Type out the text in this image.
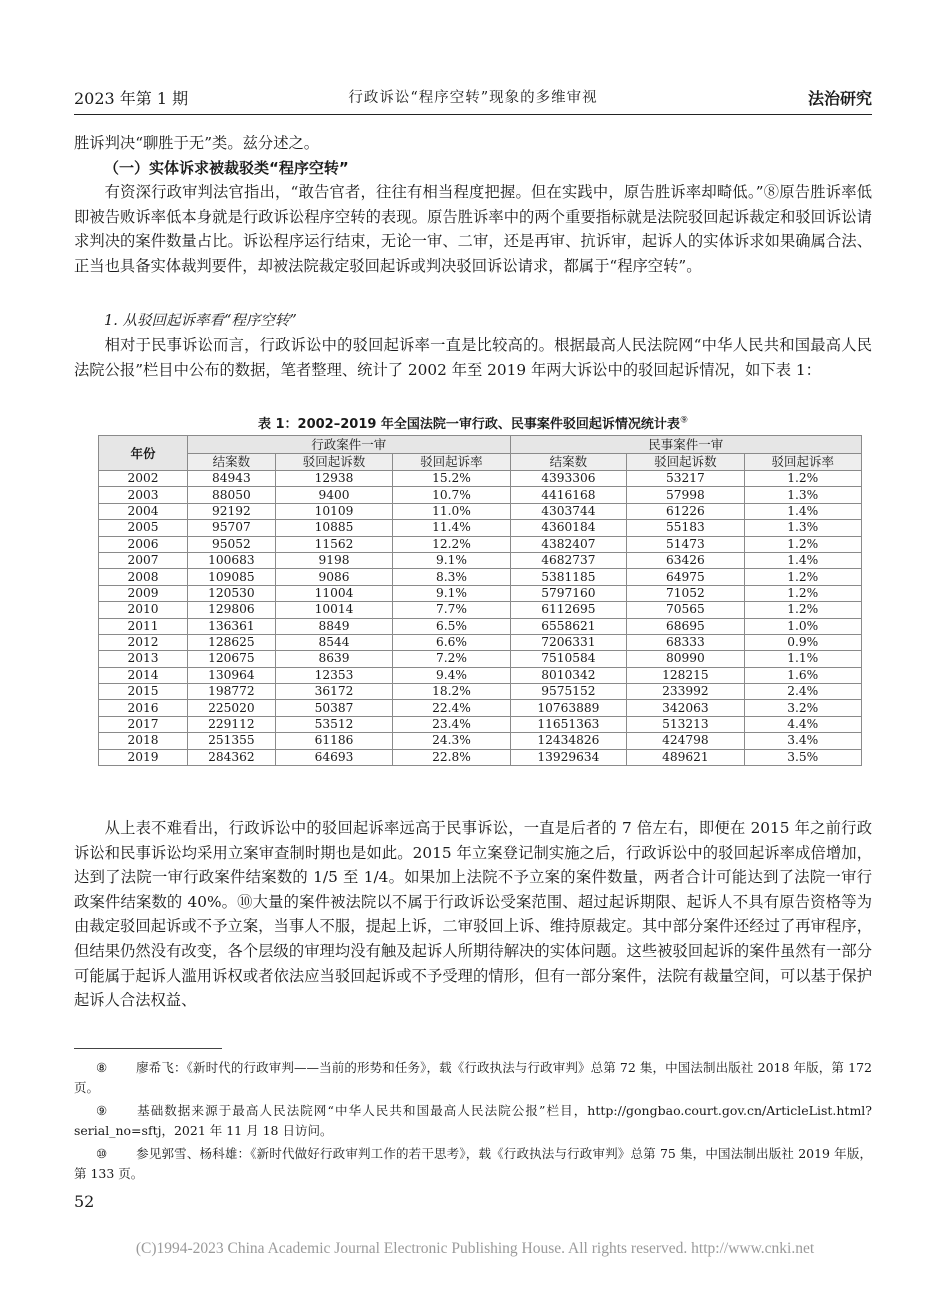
2023 年第 1 期	行政诉讼“程序空转”现象的多维审视	法治研究

胜诉判决“聊胜于无”类。兹分述之。

（一）实体诉求被裁驳类“程序空转”

有资深行政审判法官指出，“敢告官者，往往有相当程度把握。但在实践中，原告胜诉率却畸低。”⑧原告胜诉率低即被告败诉率低本身就是行政诉讼程序空转的表现。原告胜诉率中的两个重要指标就是法院驳回起诉裁定和驳回诉讼请求判决的案件数量占比。诉讼程序运行结束，无论一审、二审，还是再审、抗诉审，起诉人的实体诉求如果确属合法、正当也具备实体裁判要件，却被法院裁定驳回起诉或判决驳回诉讼请求，都属于“程序空转”。

1. 从驳回起诉率看“程序空转”

相对于民事诉讼而言，行政诉讼中的驳回起诉率一直是比较高的。根据最高人民法院网“中华人民共和国最高人民法院公报”栏目中公布的数据，笔者整理、统计了 2002 年至 2019 年两大诉讼中的驳回起诉情况，如下表 1：

表 1：2002–2019 年全国法院一审行政、民事案件驳回起诉情况统计表⑨
年份	行政案件一审			民事案件一审		
	结案数	驳回起诉数	驳回起诉率	结案数	驳回起诉数	驳回起诉率
2002	84943	12938	15.2%	4393306	53217	1.2%
2003	88050	9400	10.7%	4416168	57998	1.3%
2004	92192	10109	11.0%	4303744	61226	1.4%
2005	95707	10885	11.4%	4360184	55183	1.3%
2006	95052	11562	12.2%	4382407	51473	1.2%
2007	100683	9198	9.1%	4682737	63426	1.4%
2008	109085	9086	8.3%	5381185	64975	1.2%
2009	120530	11004	9.1%	5797160	71052	1.2%
2010	129806	10014	7.7%	6112695	70565	1.2%
2011	136361	8849	6.5%	6558621	68695	1.0%
2012	128625	8544	6.6%	7206331	68333	0.9%
2013	120675	8639	7.2%	7510584	80990	1.1%
2014	130964	12353	9.4%	8010342	128215	1.6%
2015	198772	36172	18.2%	9575152	233992	2.4%
2016	225020	50387	22.4%	10763889	342063	3.2%
2017	229112	53512	23.4%	11651363	513213	4.4%
2018	251355	61186	24.3%	12434826	424798	3.4%
2019	284362	64693	22.8%	13929634	489621	3.5%

从上表不难看出，行政诉讼中的驳回起诉率远高于民事诉讼，一直是后者的 7 倍左右，即便在 2015 年之前行政诉讼和民事诉讼均采用立案审查制时期也是如此。2015 年立案登记制实施之后，行政诉讼中的驳回起诉率成倍增加，达到了法院一审行政案件结案数的 1/5 至 1/4。如果加上法院不予立案的案件数量，两者合计可能达到了法院一审行政案件结案数的 40%。⑩大量的案件被法院以不属于行政诉讼受案范围、超过起诉期限、起诉人不具有原告资格等为由裁定驳回起诉或不予立案，当事人不服，提起上诉，二审驳回上诉、维持原裁定。其中部分案件还经过了再审程序，但结果仍然没有改变，各个层级的审理均没有触及起诉人所期待解决的实体问题。这些被驳回起诉的案件虽然有一部分可能属于起诉人滥用诉权或者依法应当驳回起诉或不予受理的情形，但有一部分案件，法院有裁量空间，可以基于保护起诉人合法权益、

⑧ 廖希飞：《新时代的行政审判——当前的形势和任务》，载《行政执法与行政审判》总第 72 集，中国法制出版社 2018 年版，第 172 页。

⑨ 基础数据来源于最高人民法院网“中华人民共和国最高人民法院公报”栏目，http://gongbao.court.gov.cn/ArticleList.html?serial_no=sftj，2021 年 11 月 18 日访问。

⑩ 参见郭雪、杨科雄：《新时代做好行政审判工作的若干思考》，载《行政执法与行政审判》总第 75 集，中国法制出版社 2019 年版，第 133 页。

52
(C)1994-2023 China Academic Journal Electronic Publishing House. All rights reserved. http://www.cnki.net
